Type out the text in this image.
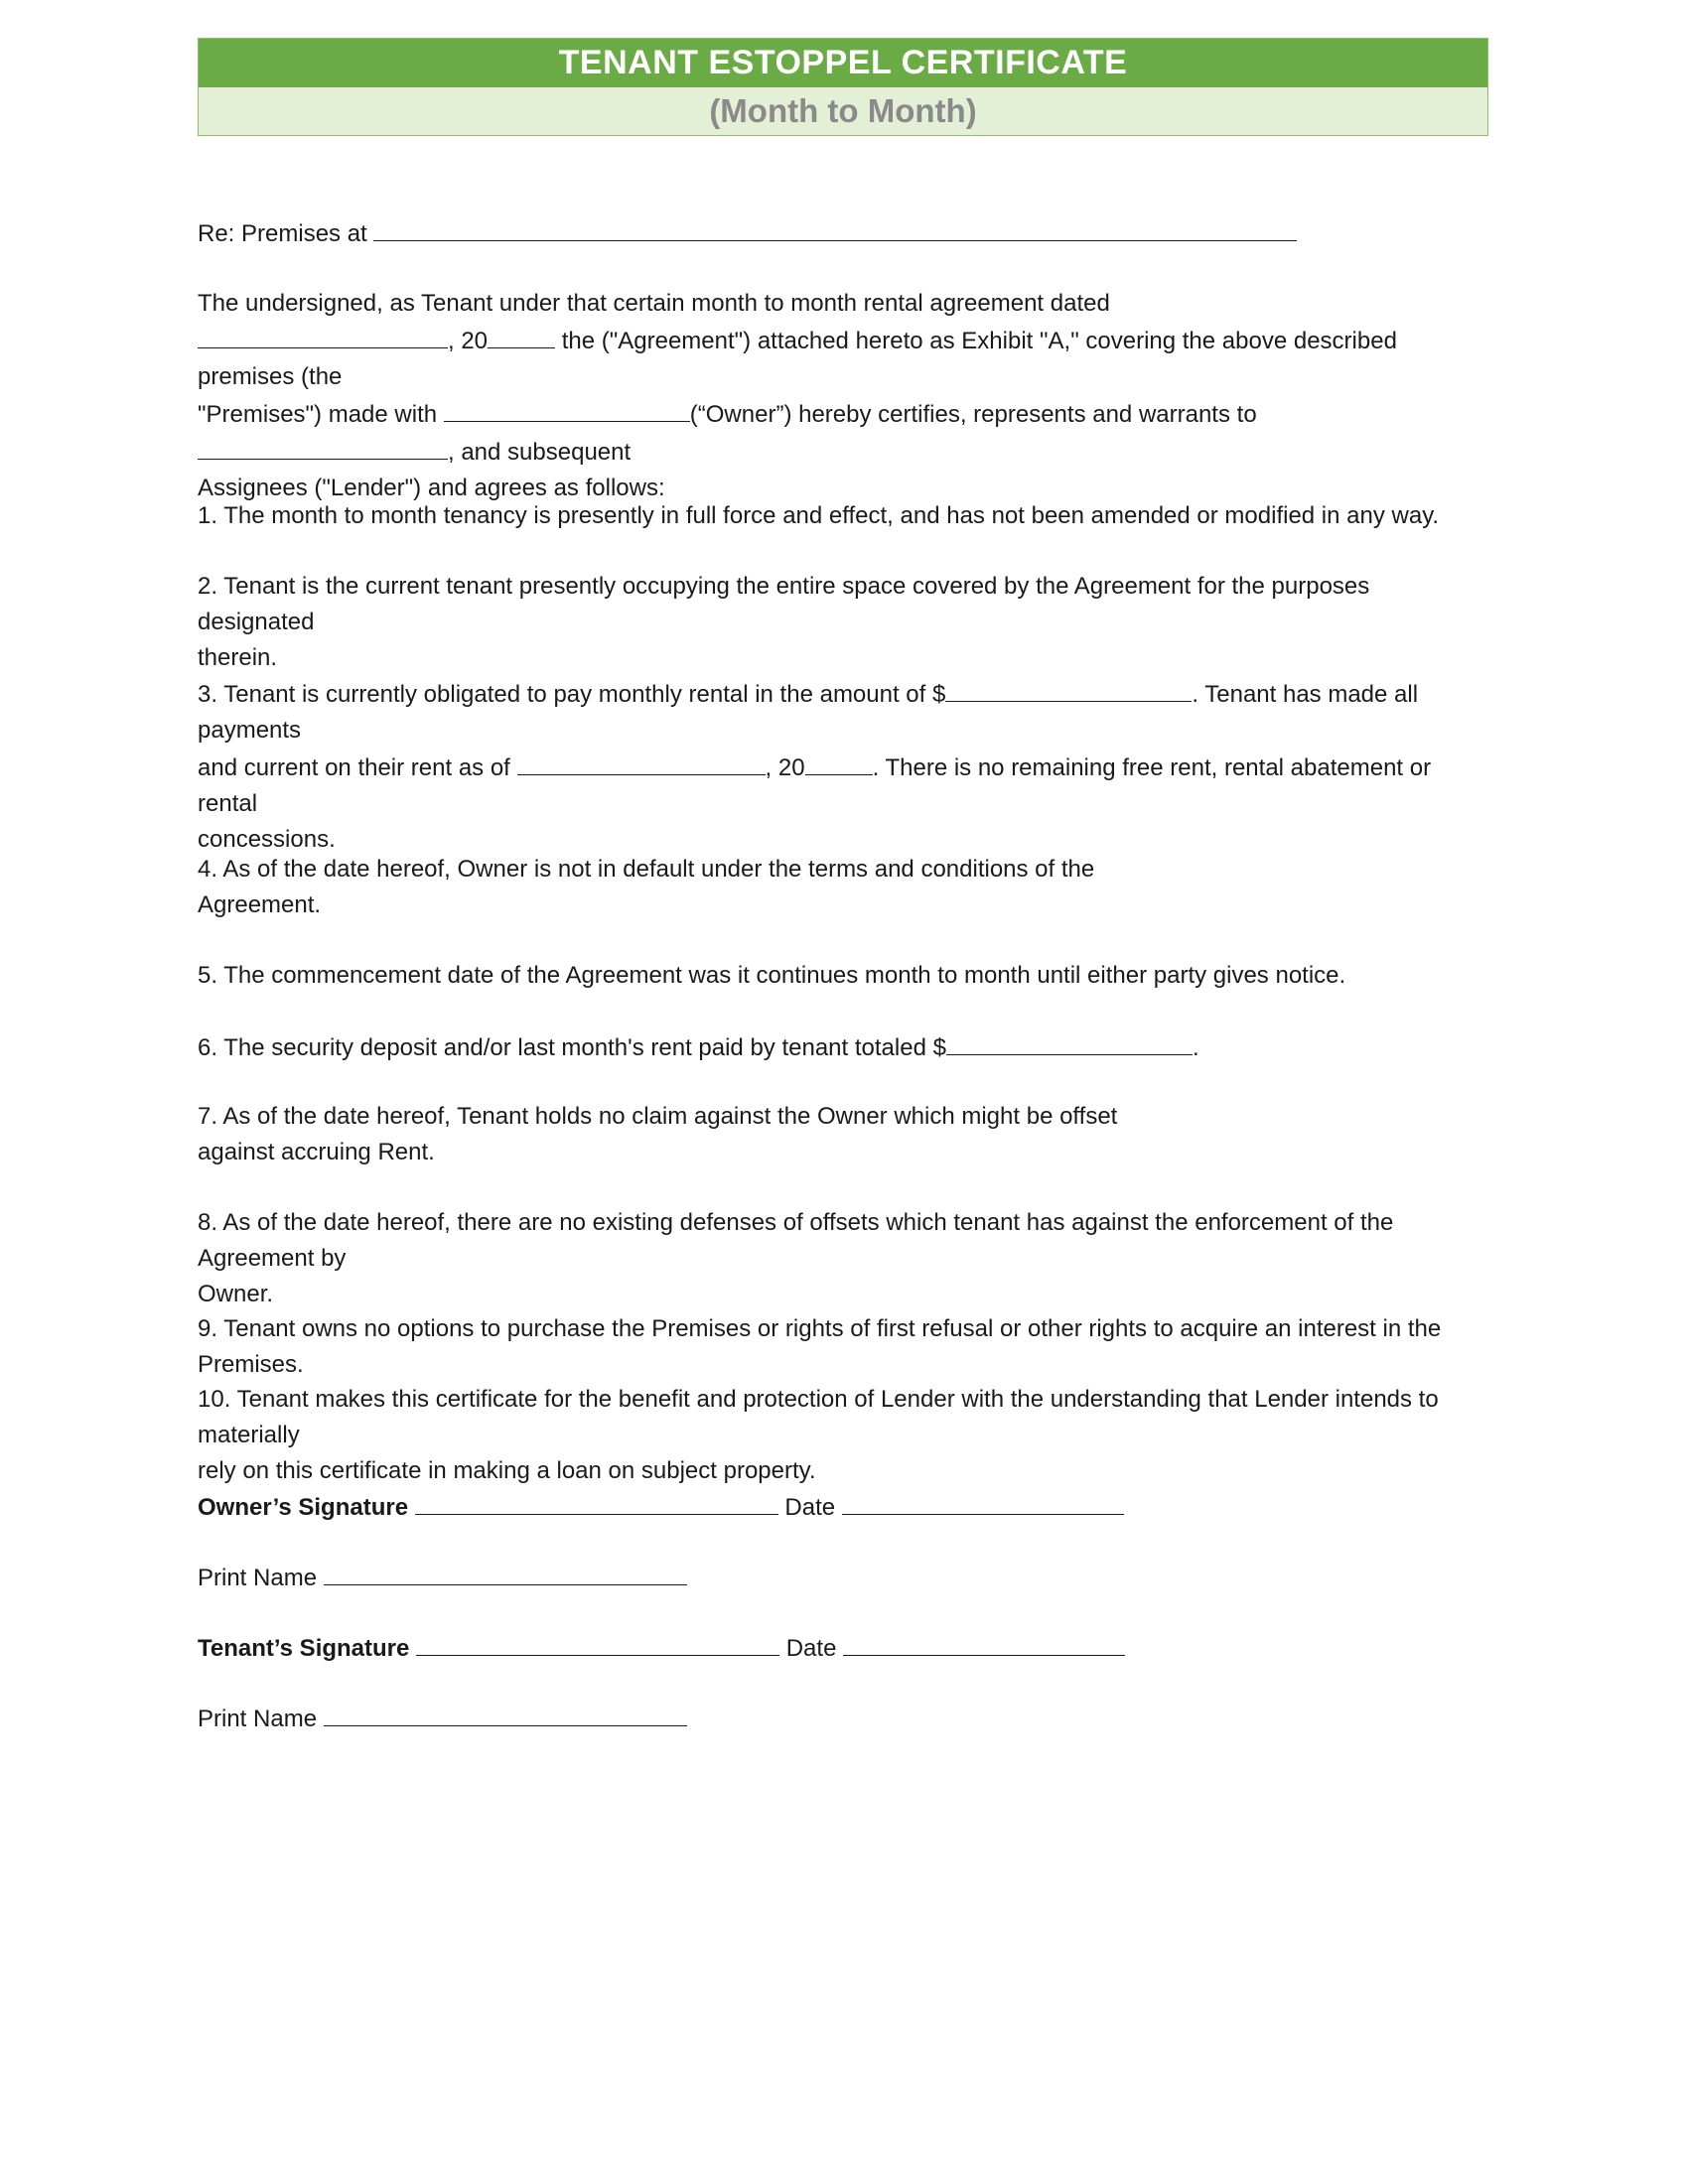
TENANT ESTOPPEL CERTIFICATE
(Month to Month)
Re: Premises at
The undersigned, as Tenant under that certain month to month rental agreement dated
, 20	the ("Agreement") attached hereto as Exhibit "A," covering the above described premises (the
"Premises") made with	(“Owner”) hereby certifies, represents and warrants to
, and subsequent
Assignees ("Lender") and agrees as follows:
1. The month to month tenancy is presently in full force and effect, and has not been amended or modified in any way.
2. Tenant is the current tenant presently occupying the entire space covered by the Agreement for the purposes designated
therein.
3. Tenant is currently obligated to pay monthly rental in the amount of $	. Tenant has made all payments
and current on their rent as of	, 20	. There is no remaining free rent, rental abatement or rental
concessions.
4. As of the date hereof, Owner is not in default under the terms and conditions of the
Agreement.
5. The commencement date of the Agreement was it continues month to month until either party gives notice.
6. The security deposit and/or last month's rent paid by tenant totaled $	.
7. As of the date hereof, Tenant holds no claim against the Owner which might be offset
against accruing Rent.
8. As of the date hereof, there are no existing defenses of offsets which tenant has against the enforcement of the Agreement by
Owner.
9. Tenant owns no options to purchase the Premises or rights of first refusal or other rights to acquire an interest in the Premises.
10. Tenant makes this certificate for the benefit and protection of Lender with the understanding that Lender intends to materially
rely on this certificate in making a loan on subject property.
Owner’s Signature	Date
Print Name
Tenant’s Signature	Date
Print Name
